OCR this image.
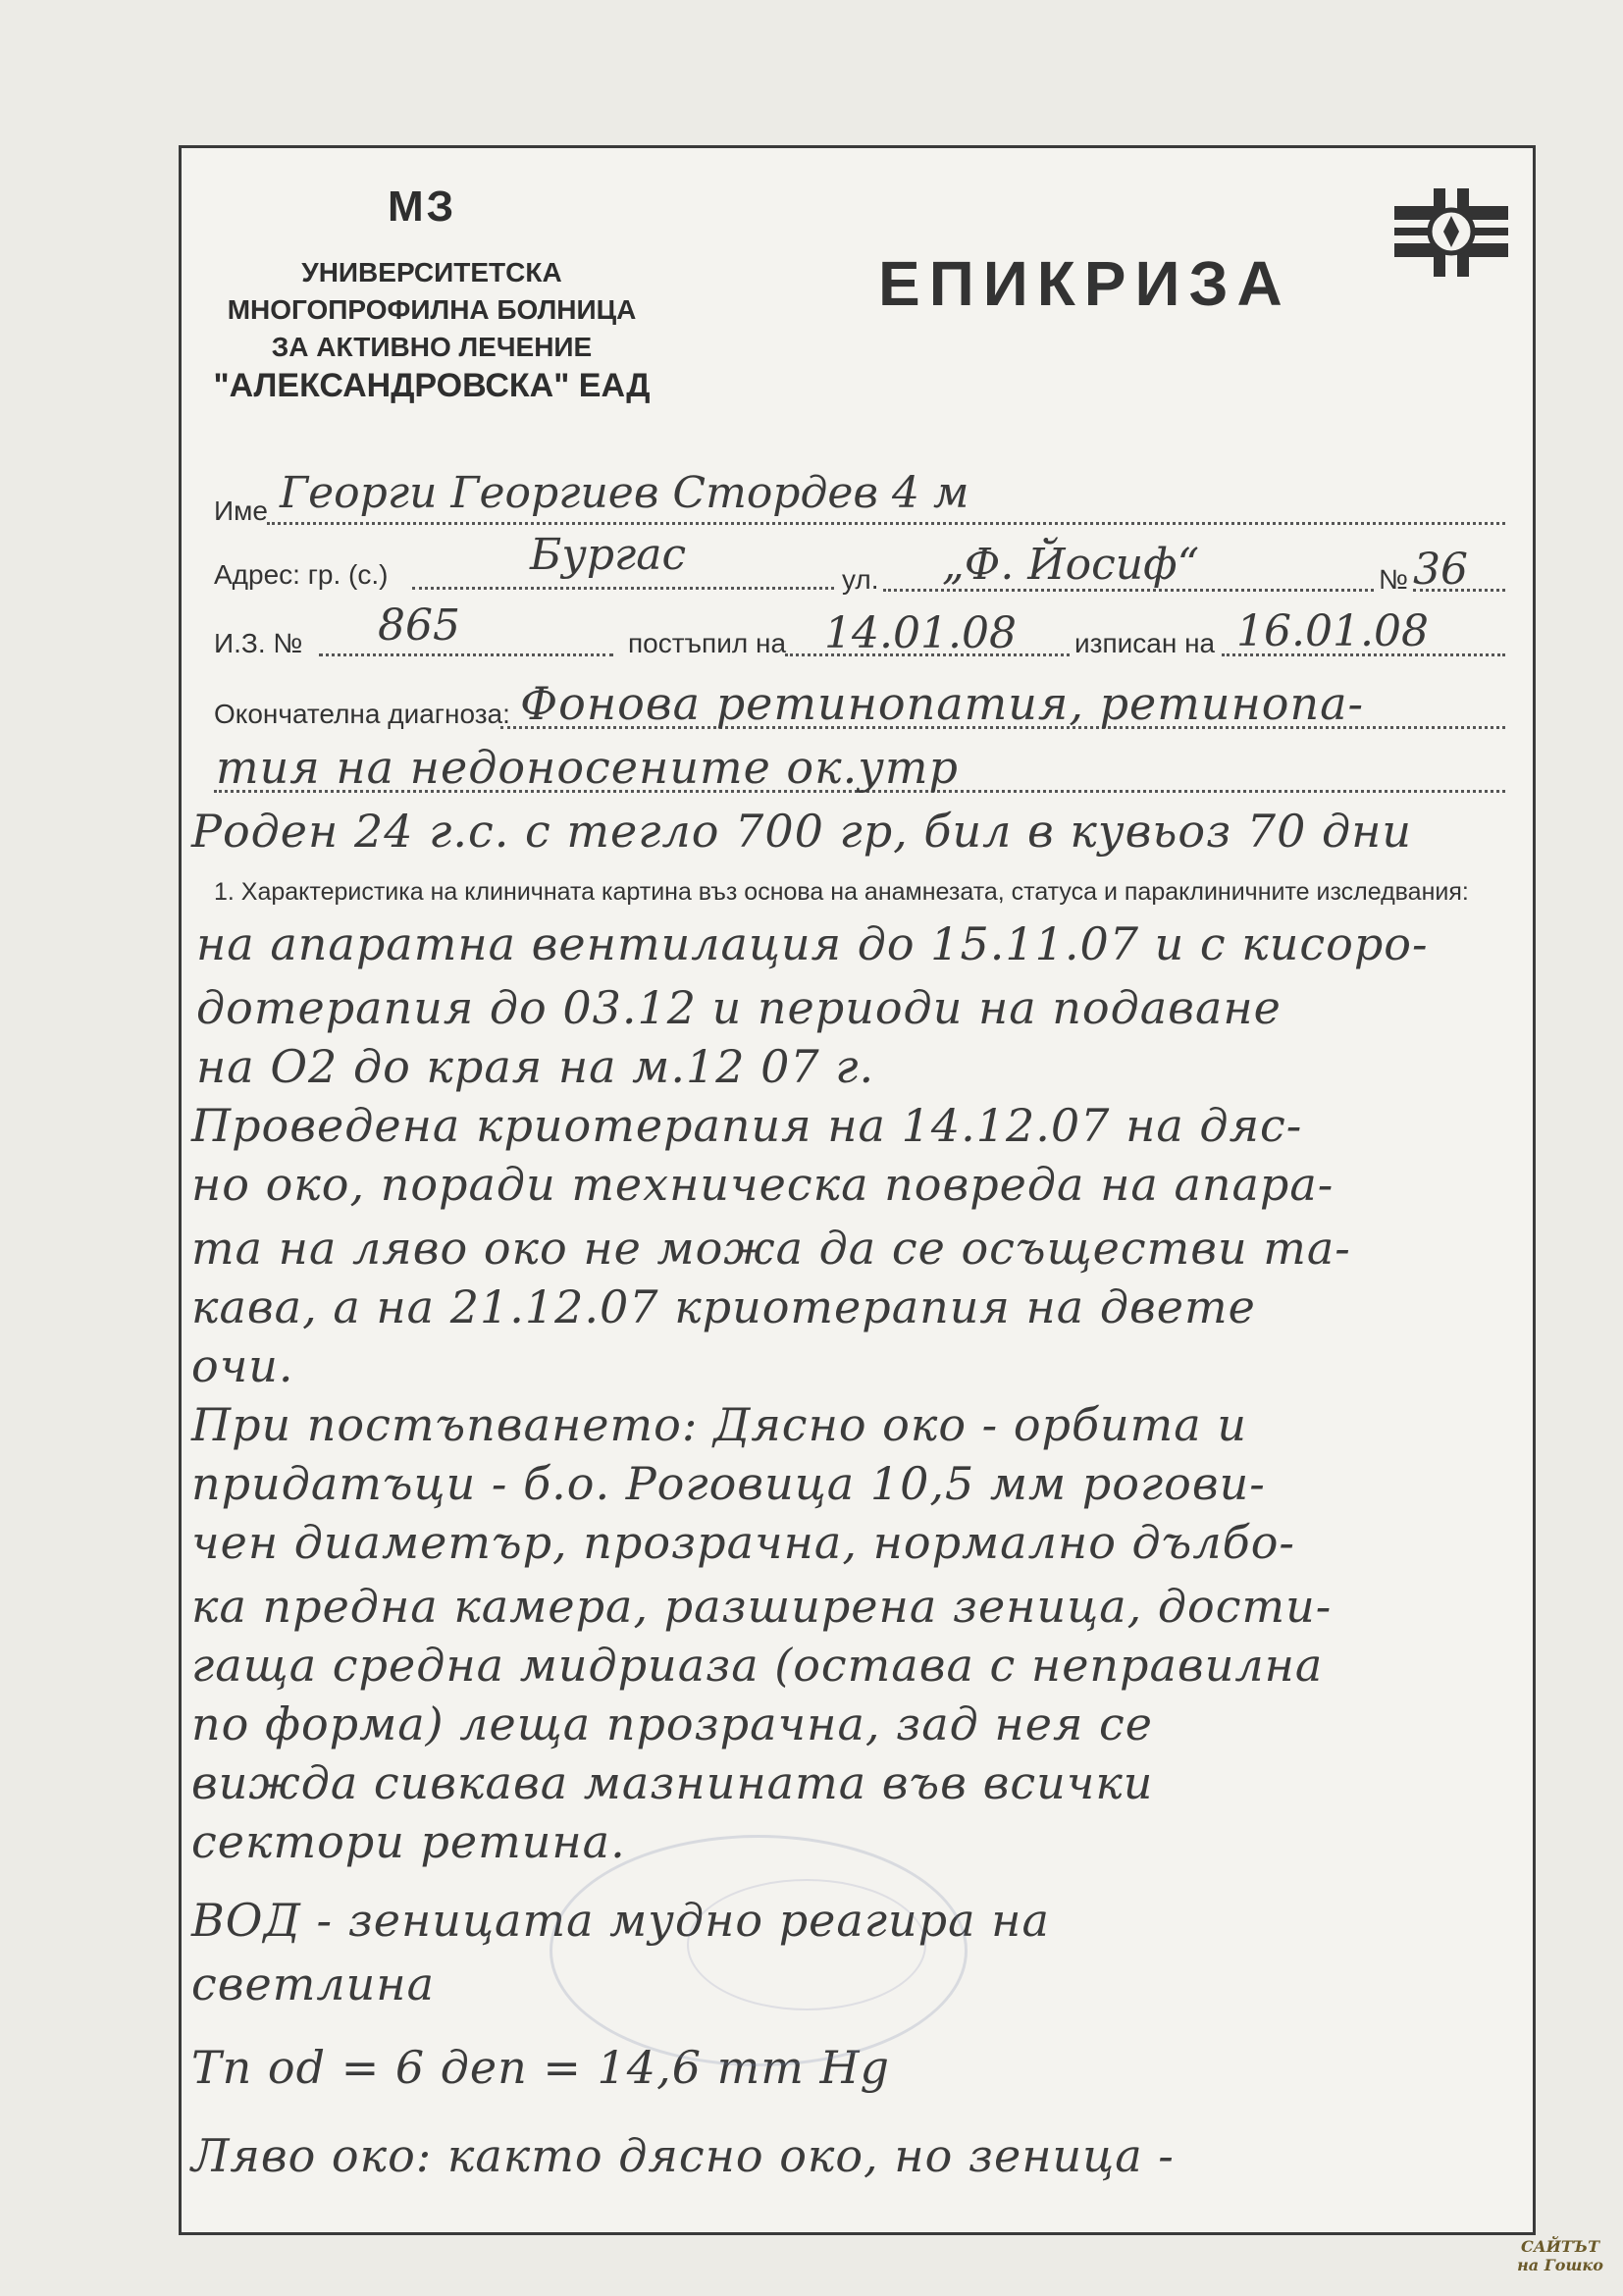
МЗ
УНИВЕРСИТЕТСКА
МНОГОПРОФИЛНА БОЛНИЦА
ЗА АКТИВНО ЛЕЧЕНИЕ
"АЛЕКСАНДРОВСКА" ЕАД
ЕПИКРИЗА
Име Георги Георгиев Стордев 4 м
Адрес: гр. (с.)	Бургас	ул. „Ф. Йосиф“	№ 36
И.З. № 865	постъпил на 14.01.08 изписан на 16.01.08
Окончателна диагноза: Фонова ретинопатия, ретинопа-
тия на недоносените ок.утр
Роден 24 г.с. с тегло 700 гр, бил в кувьоз 70 дни
1. Характеристика на клиничната картина въз основа на анамнезата, статуса и параклиничните изследвания:
на апаратна вентилация до 15.11.07 и с кисоро-
дотерапия до 03.12 и периоди на подаване
на O2 до края на м.12 07 г.
Проведена криотерапия на 14.12.07 на дяс-
но око, поради техническа повреда на апара-
та на ляво око не можа да се осъществи та-
кава, а на 21.12.07 криотерапия на двете
очи.
При постъпването: Дясно око - орбита и
придатъци - б.о. Роговица 10,5 мм рогови-
чен диаметър, прозрачна, нормално дълбо-
ка предна камера, разширена зеница, дости-
гаща средна мидриаза (остава с неправилна
по форма) леща прозрачна, зад нея се
вижда сивкава мазнината във всички
сектори ретина.
ВОД - зеницата мудно реагира на
светлина
Tn od = 6 деп = 14,6 mm Hg
Ляво око: както дясно око, но зеница -
САЙТЪТ
на Гошко
